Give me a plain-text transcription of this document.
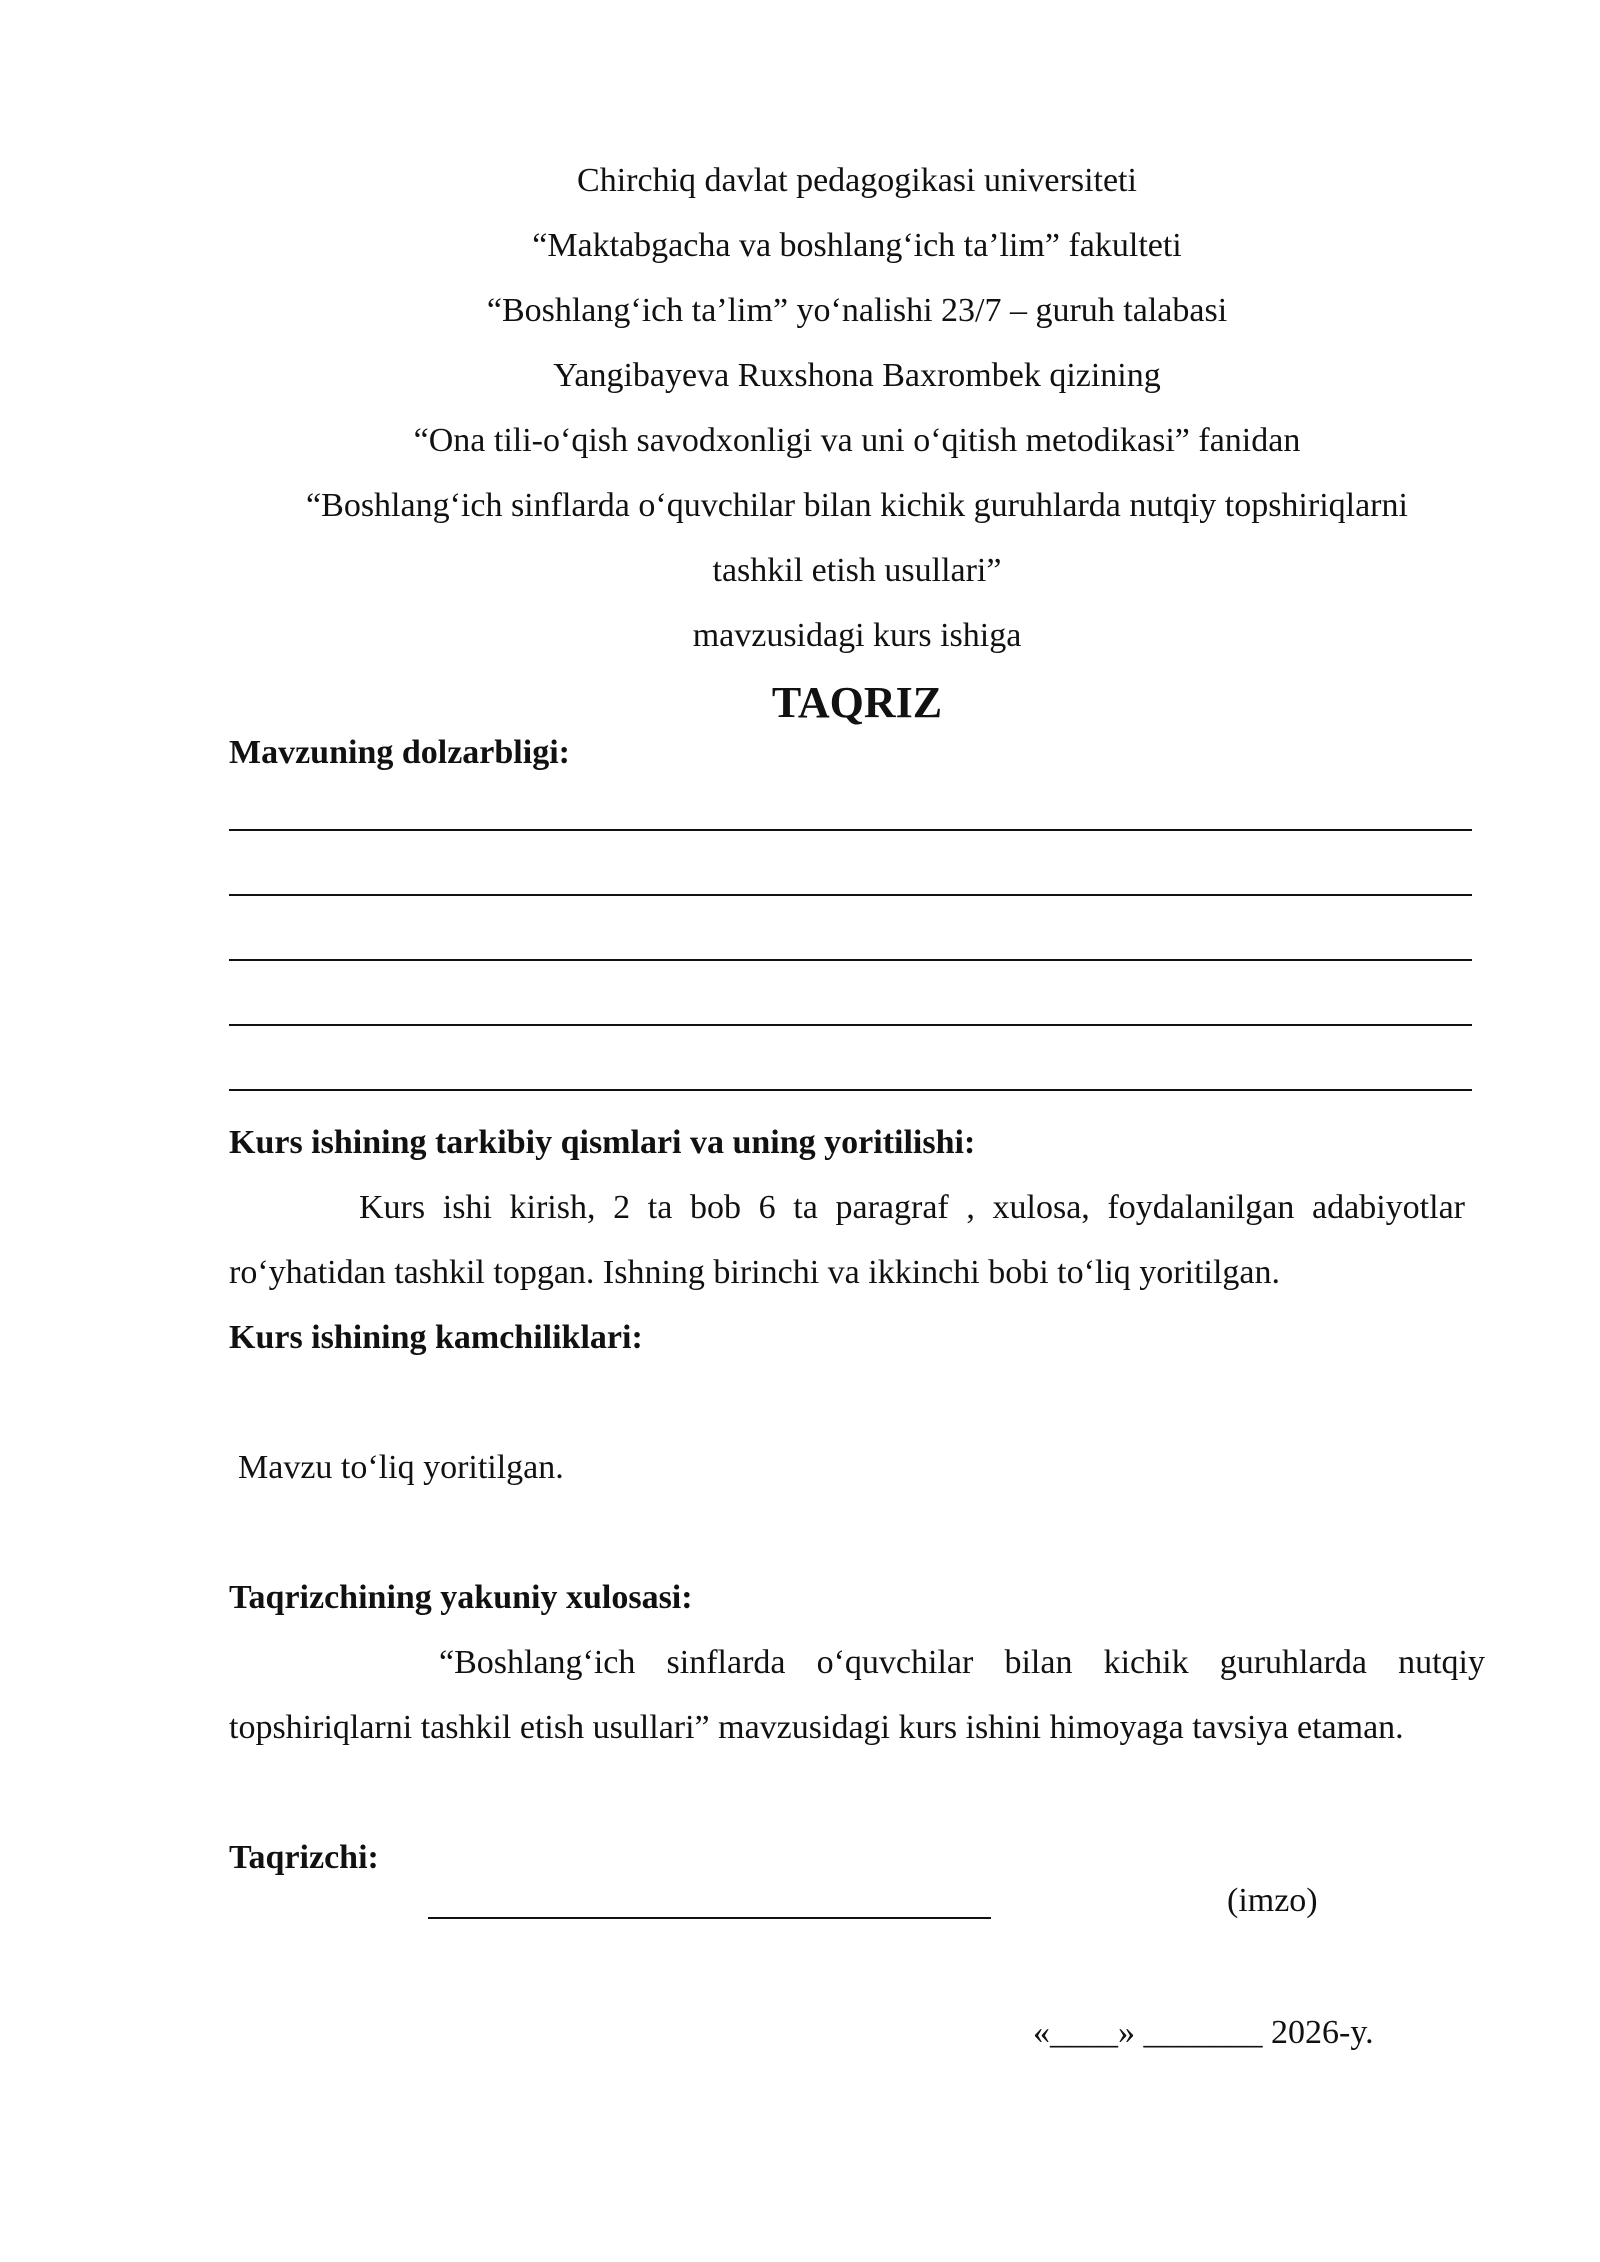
Chirchiq davlat pedagogikasi universiteti
“Maktabgacha va boshlang‘ich ta’lim” fakulteti
“Boshlang‘ich ta’lim” yo‘nalishi 23/7 – guruh talabasi
Yangibayeva Ruxshona Baxrombek qizining
“Ona tili-o‘qish savodxonligi va uni o‘qitish metodikasi” fanidan
“Boshlang‘ich sinflarda o‘quvchilar bilan kichik guruhlarda nutqiy topshiriqlarni
tashkil etish usullari”
mavzusidagi kurs ishiga
TAQRIZ
Mavzuning dolzarbligi:
Kurs ishining tarkibiy qismlari va uning yoritilishi:
Kurs ishi kirish, 2 ta bob 6 ta paragraf , xulosa, foydalanilgan adabiyotlar ro‘yhatidan tashkil topgan. Ishning birinchi va ikkinchi bobi to‘liq yoritilgan.
Kurs ishining kamchiliklari:
Mavzu to‘liq yoritilgan.
Taqrizchining yakuniy xulosasi:
“Boshlang‘ich sinflarda o‘quvchilar bilan kichik guruhlarda nutqiy topshiriqlarni tashkil etish usullari” mavzusidagi kurs ishini himoyaga tavsiya etaman.
Taqrizchi:
(imzo)
«____» _______ 2026-y.
